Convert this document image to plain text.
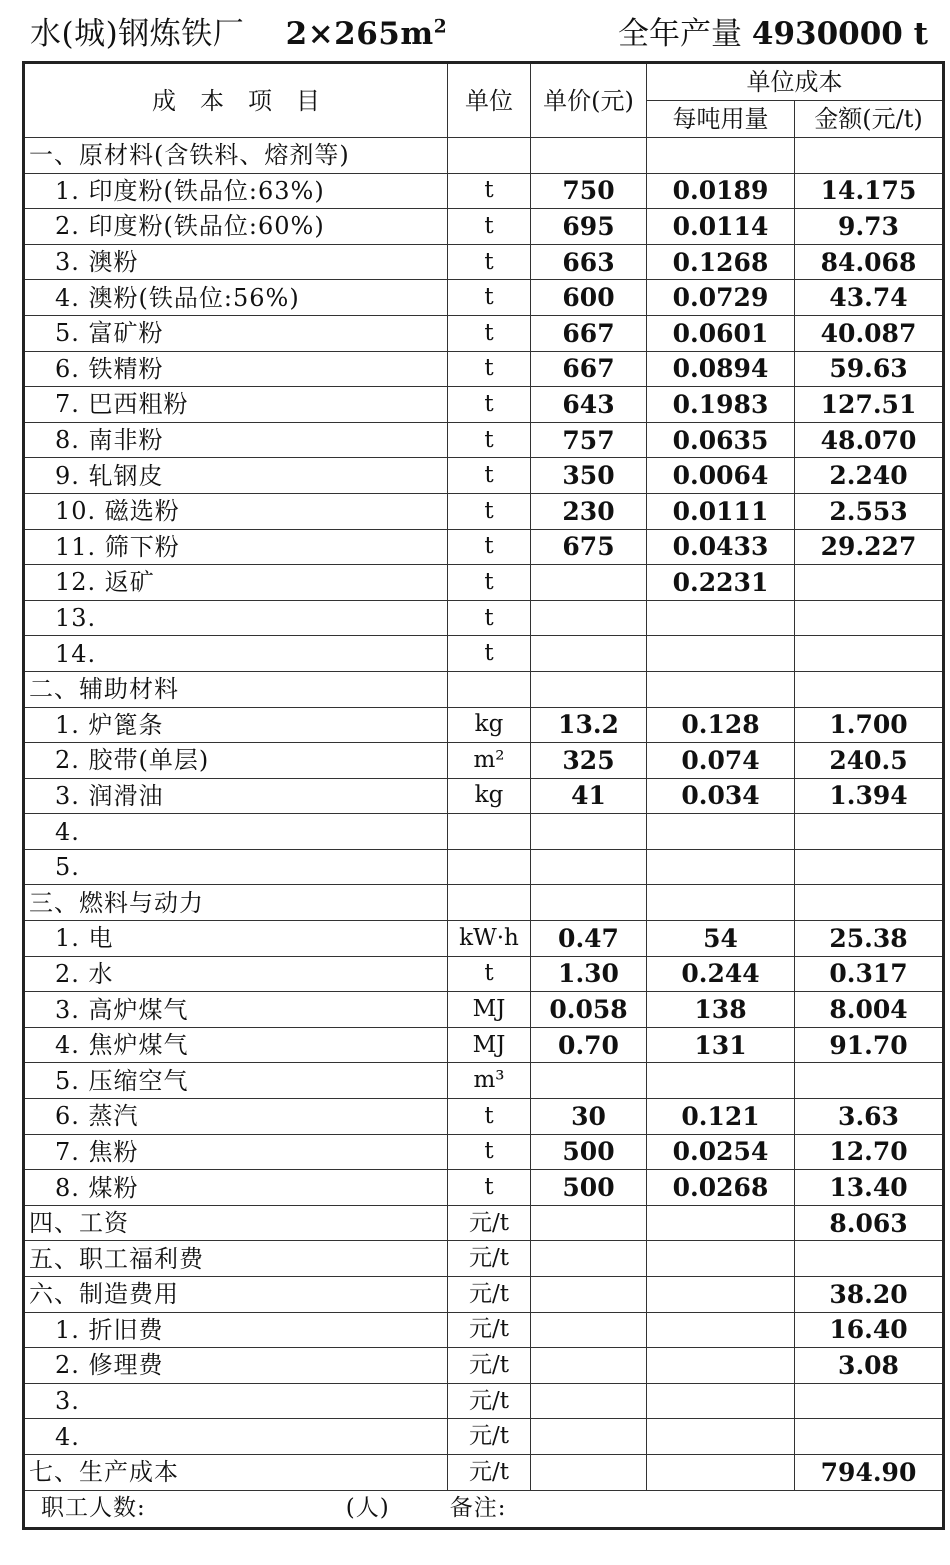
水(城)钢炼铁厂 $2\times 265m^2$	全年产量 4930000 t
成　本　项　目	单位	单价(元)	单位成本	
			每吨用量	金额(元/t)
一、原材料(含铁料、熔剂等)				
1. 印度粉(铁品位:63%)	t	750	0.0189	14.175
2. 印度粉(铁品位:60%)	t	695	0.0114	9.73
3. 澳粉	t	663	0.1268	84.068
4. 澳粉(铁品位:56%)	t	600	0.0729	43.74
5. 富矿粉	t	667	0.0601	40.087
6. 铁精粉	t	667	0.0894	59.63
7. 巴西粗粉	t	643	0.1983	127.51
8. 南非粉	t	757	0.0635	48.070
9. 轧钢皮	t	350	0.0064	2.240
10. 磁选粉	t	230	0.0111	2.553
11. 筛下粉	t	675	0.0433	29.227
12. 返矿	t		0.2231	
13.	t			
14.	t			
二、辅助材料				
1. 炉篦条	kg	13.2	0.128	1.700
2. 胶带(单层)	m²	325	0.074	240.5
3. 润滑油	kg	41	0.034	1.394
4.				
5.				
三、燃料与动力				
1. 电	kW·h	0.47	54	25.38
2. 水	t	1.30	0.244	0.317
3. 高炉煤气	MJ	0.058	138	8.004
4. 焦炉煤气	MJ	0.70	131	91.70
5. 压缩空气	m³			
6. 蒸汽	t	30	0.121	3.63
7. 焦粉	t	500	0.0254	12.70
8. 煤粉	t	500	0.0268	13.40
四、工资	元/t			8.063
五、职工福利费	元/t			
六、制造费用	元/t			38.20
1. 折旧费	元/t			16.40
2. 修理费	元/t			3.08
3.	元/t			
4.	元/t			
七、生产成本	元/t			794.90
职工人数: (人) 备注:				
